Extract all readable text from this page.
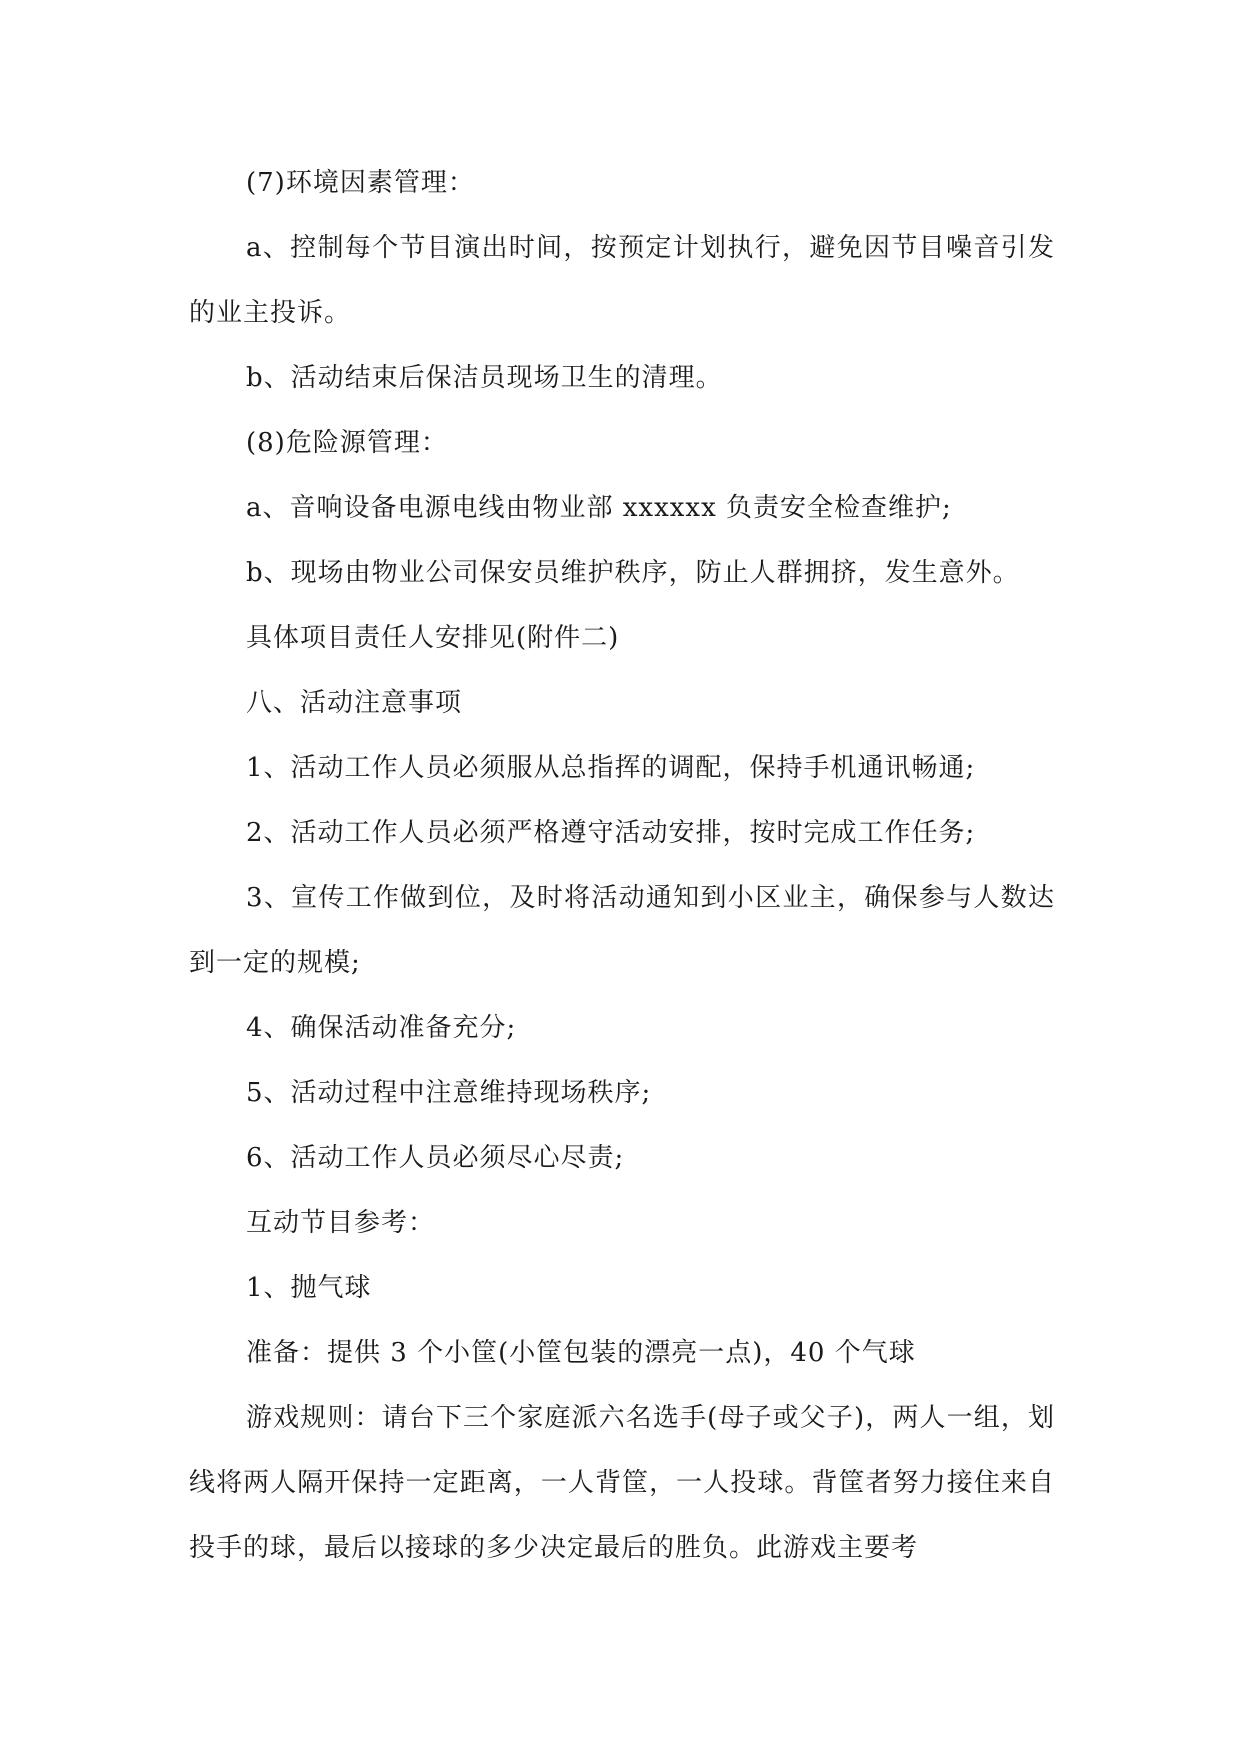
(7)环境因素管理：

a、控制每个节目演出时间，按预定计划执行，避免因节目噪音引发的业主投诉。

b、活动结束后保洁员现场卫生的清理。

(8)危险源管理：

a、音响设备电源电线由物业部 xxxxxx 负责安全检查维护;

b、现场由物业公司保安员维护秩序，防止人群拥挤，发生意外。

具体项目责任人安排见(附件二)

八、活动注意事项

1、活动工作人员必须服从总指挥的调配，保持手机通讯畅通;

2、活动工作人员必须严格遵守活动安排，按时完成工作任务;

3、宣传工作做到位，及时将活动通知到小区业主，确保参与人数达到一定的规模;

4、确保活动准备充分;

5、活动过程中注意维持现场秩序;

6、活动工作人员必须尽心尽责;

互动节目参考：

1、抛气球

准备：提供 3 个小筐(小筐包装的漂亮一点)，40 个气球

游戏规则：请台下三个家庭派六名选手(母子或父子)，两人一组，划线将两人隔开保持一定距离，一人背筐，一人投球。背筐者努力接住来自投手的球，最后以接球的多少决定最后的胜负。此游戏主要考
